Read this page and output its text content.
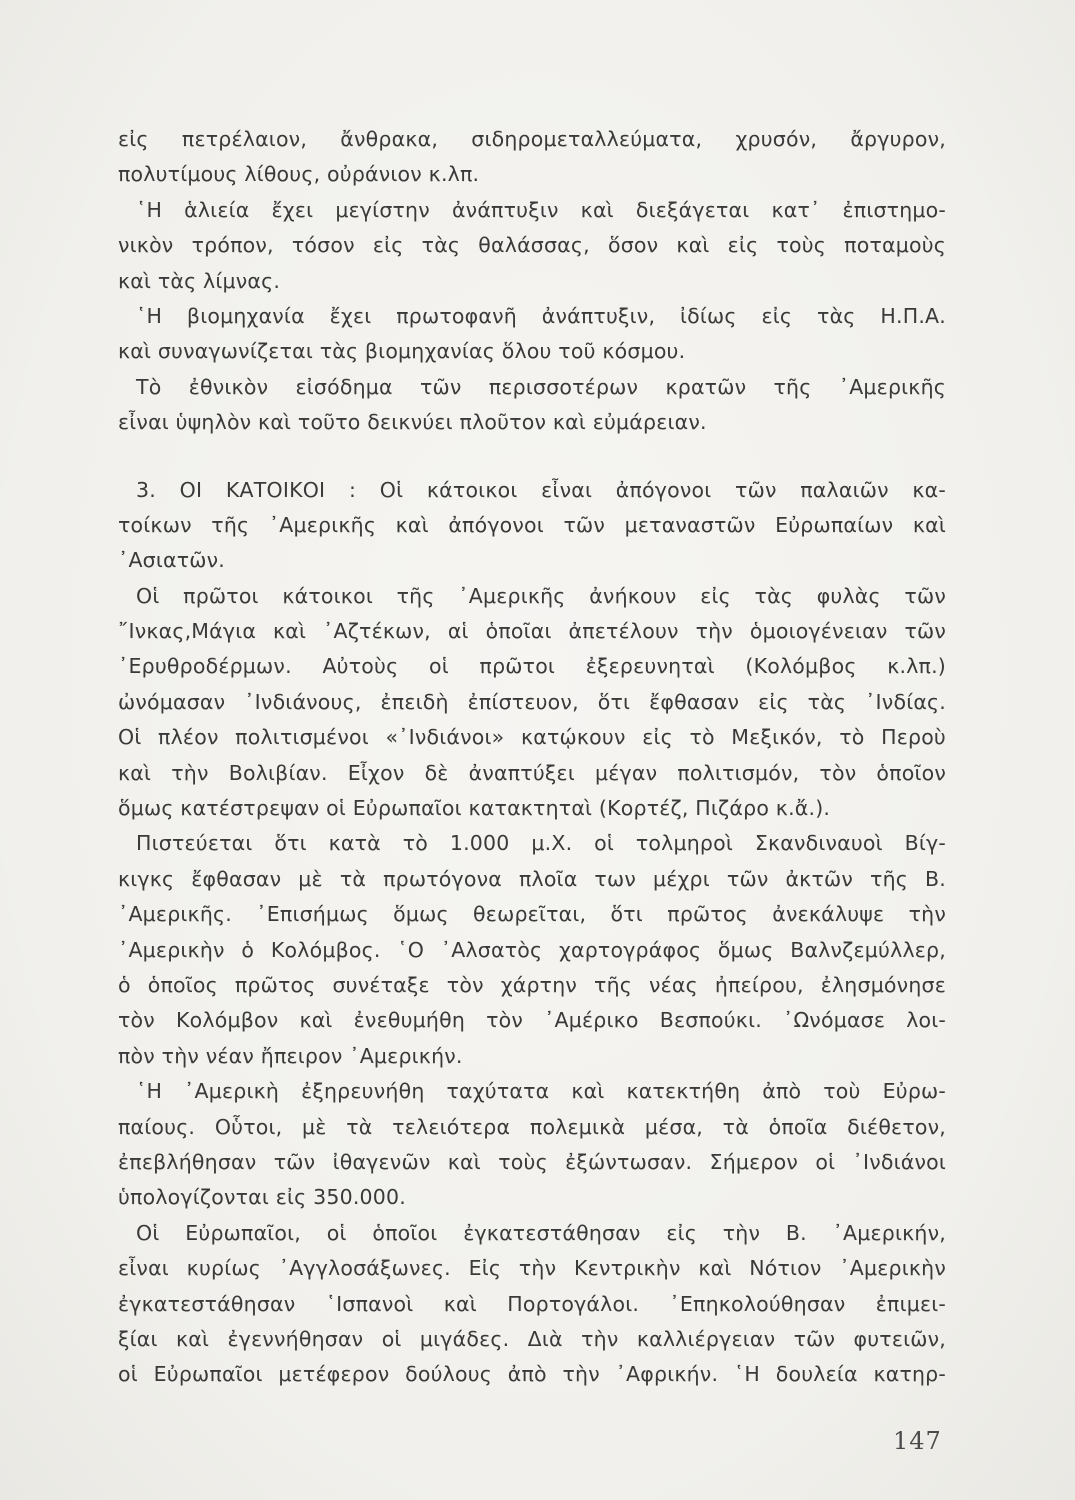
εἰς πετρέλαιον, ἄνθρακα, σιδηρομεταλλεύματα, χρυσόν, ἄργυρον,
πολυτίμους λίθους, οὐράνιον κ.λπ.
῾Η ἁλιεία ἔχει μεγίστην ἀνάπτυξιν καὶ διεξάγεται κατ᾽ ἐπιστημο-
νικὸν τρόπον, τόσον εἰς τὰς θαλάσσας, ὅσον καὶ εἰς τοὺς ποταμοὺς
καὶ τὰς λίμνας.
῾Η βιομηχανία ἔχει πρωτοφανῆ ἀνάπτυξιν, ἰδίως εἰς τὰς Η.Π.Α.
καὶ συναγωνίζεται τὰς βιομηχανίας ὅλου τοῦ κόσμου.
Τὸ ἐθνικὸν εἰσόδημα τῶν περισσοτέρων κρατῶν τῆς ᾽Αμερικῆς
εἶναι ὑψηλὸν καὶ τοῦτο δεικνύει πλοῦτον καὶ εὐμάρειαν.
3. ΟΙ ΚΑΤΟΙΚΟΙ : Οἱ κάτοικοι εἶναι ἀπόγονοι τῶν παλαιῶν κα-
τοίκων τῆς ᾽Αμερικῆς καὶ ἀπόγονοι τῶν μεταναστῶν Εὐρωπαίων καὶ
᾽Ασιατῶν.
Οἱ πρῶτοι κάτοικοι τῆς ᾽Αμερικῆς ἀνήκουν εἰς τὰς φυλὰς τῶν
῎Ινκας,Μάγια καὶ ᾽Αζτέκων, αἱ ὁποῖαι ἀπετέλουν τὴν ὁμοιογένειαν τῶν
᾽Ερυθροδέρμων. Αὐτοὺς οἱ πρῶτοι ἐξερευνηταὶ (Κολόμβος κ.λπ.)
ὠνόμασαν ᾽Ινδιάνους, ἐπειδὴ ἐπίστευον, ὅτι ἔφθασαν εἰς τὰς ᾽Ινδίας.
Οἱ πλέον πολιτισμένοι «᾽Ινδιάνοι» κατῴκουν εἰς τὸ Μεξικόν, τὸ Περοὺ
καὶ τὴν Βολιβίαν. Εἶχον δὲ ἀναπτύξει μέγαν πολιτισμόν, τὸν ὁποῖον
ὅμως κατέστρεψαν οἱ Εὐρωπαῖοι κατακτηταὶ (Κορτέζ, Πιζάρο κ.ἄ.).
Πιστεύεται ὅτι κατὰ τὸ 1.000 μ.Χ. οἱ τολμηροὶ Σκανδιναυοὶ Βίγ-
κιγκς ἔφθασαν μὲ τὰ πρωτόγονα πλοῖα των μέχρι τῶν ἀκτῶν τῆς Β.
᾽Αμερικῆς. ᾽Επισήμως ὅμως θεωρεῖται, ὅτι πρῶτος ἀνεκάλυψε τὴν
᾽Αμερικὴν ὁ Κολόμβος. ῾Ο ᾽Αλσατὸς χαρτογράφος ὅμως Βαλνζεμύλλερ,
ὁ ὁποῖος πρῶτος συνέταξε τὸν χάρτην τῆς νέας ἠπείρου, ἐλησμόνησε
τὸν Κολόμβον καὶ ἐνεθυμήθη τὸν ᾽Αμέρικο Βεσπούκι. ᾽Ωνόμασε λοι-
πὸν τὴν νέαν ἤπειρον ᾽Αμερικήν.
῾Η ᾽Αμερικὴ ἐξηρευνήθη ταχύτατα καὶ κατεκτήθη ἀπὸ τοὺ Εὐρω-
παίους. Οὗτοι, μὲ τὰ τελειότερα πολεμικὰ μέσα, τὰ ὁποῖα διέθετον,
ἐπεβλήθησαν τῶν ἰθαγενῶν καὶ τοὺς ἐξώντωσαν. Σήμερον οἱ ᾽Ινδιάνοι
ὑπολογίζονται εἰς 350.000.
Οἱ Εὐρωπαῖοι, οἱ ὁποῖοι ἐγκατεστάθησαν εἰς τὴν Β. ᾽Αμερικήν,
εἶναι κυρίως ᾽Αγγλοσάξωνες. Εἰς τὴν Κεντρικὴν καὶ Νότιον ᾽Αμερικὴν
ἐγκατεστάθησαν ῾Ισπανοὶ καὶ Πορτογάλοι. ᾽Επηκολούθησαν ἐπιμει-
ξίαι καὶ ἐγεννήθησαν οἱ μιγάδες. Διὰ τὴν καλλιέργειαν τῶν φυτειῶν,
οἱ Εὐρωπαῖοι μετέφερον δούλους ἀπὸ τὴν ᾽Αφρικήν. ῾Η δουλεία κατηρ-
147
